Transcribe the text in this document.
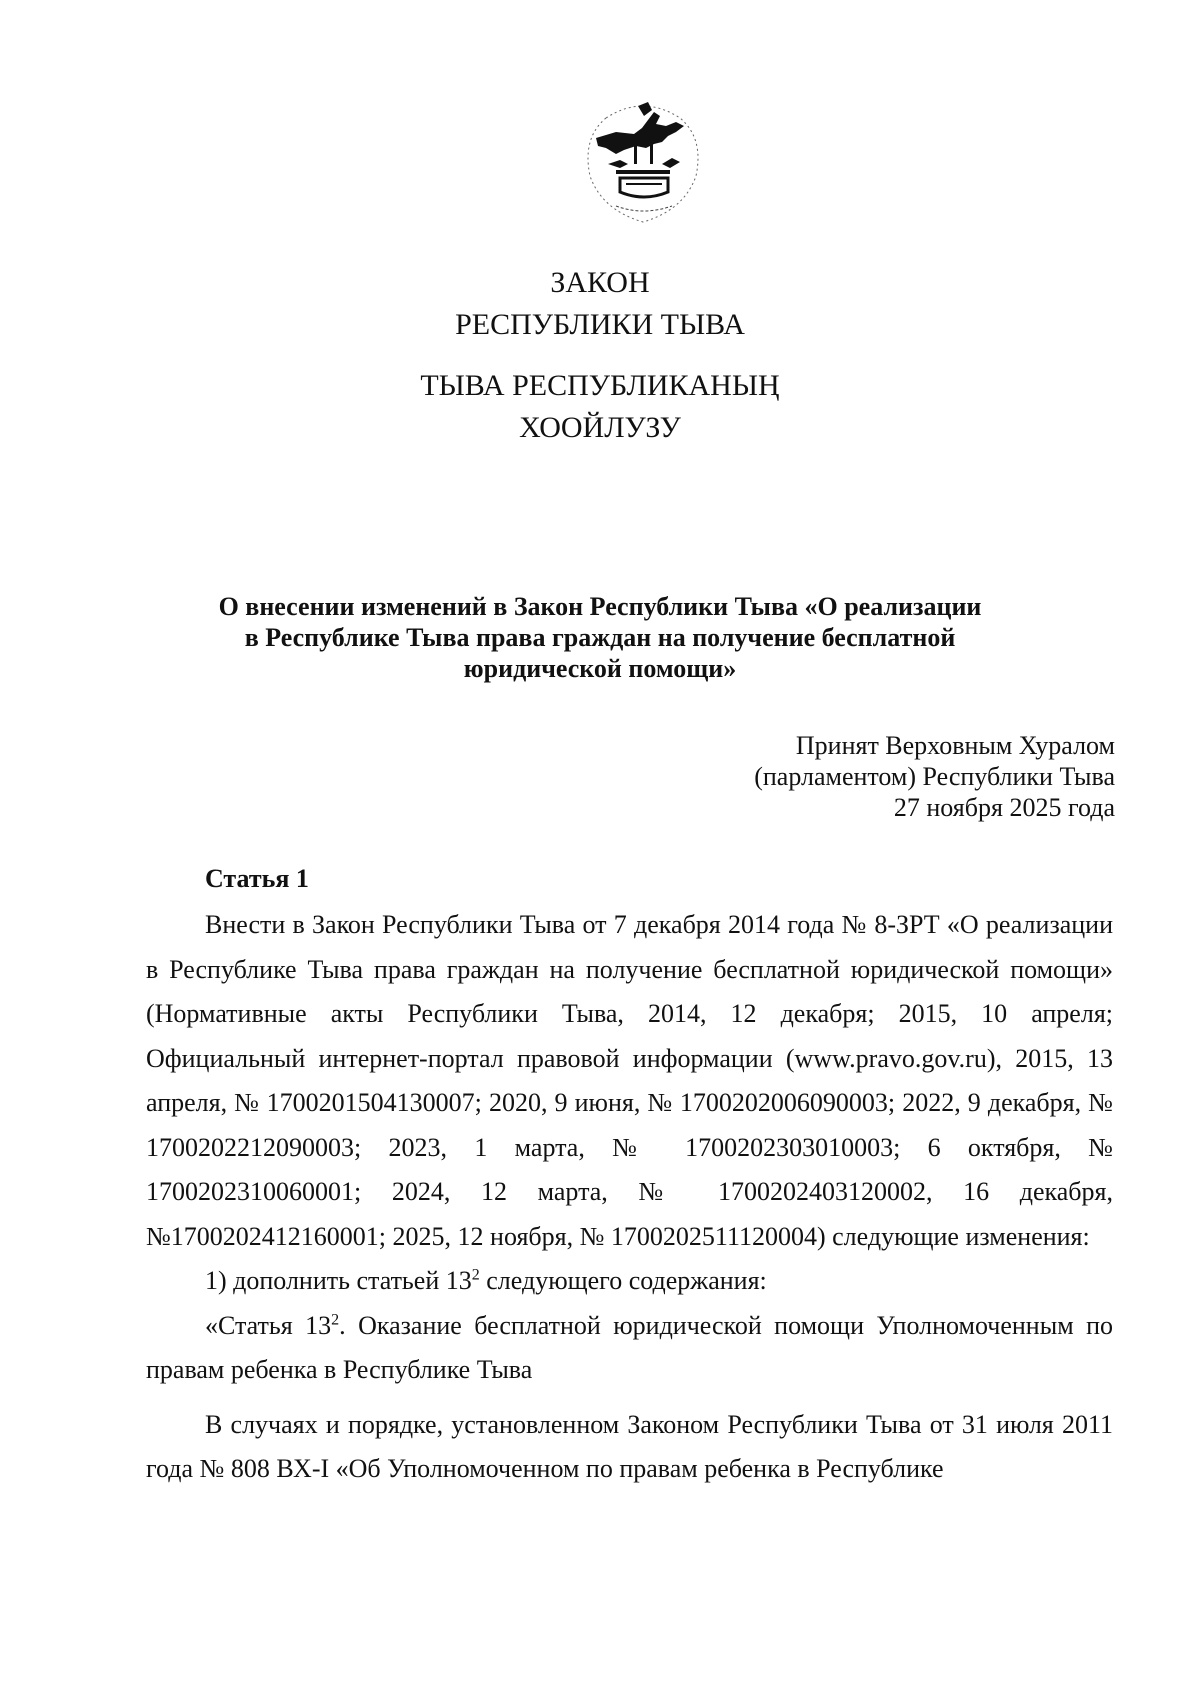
ЗАКОН
РЕСПУБЛИКИ ТЫВА
ТЫВА РЕСПУБЛИКАНЫҢ
ХООЙЛУЗУ
О внесении изменений в Закон Республики Тыва «О реализации
в Республике Тыва права граждан на получение бесплатной
юридической помощи»
Принят Верховным Хуралом
(парламентом) Республики Тыва
27 ноября 2025 года
Статья 1

Внести в Закон Республики Тыва от 7 декабря 2014 года № 8-ЗРТ «О реализации в Республике Тыва права граждан на получение бесплатной юридической помощи» (Нормативные акты Республики Тыва, 2014, 12 декабря; 2015, 10 апреля; Официальный интернет-портал правовой информации (www.pravo.gov.ru), 2015, 13 апреля, № 1700201504130007; 2020, 9 июня, № 1700202006090003; 2022, 9 декабря, № 1700202212090003; 2023, 1 марта, № 1700202303010003; 6 октября, № 1700202310060001; 2024, 12 марта, № 1700202403120002, 16 декабря, №1700202412160001; 2025, 12 ноября, № 1700202511120004) следующие изменения:

1) дополнить статьей $13^2$ следующего содержания:

«Статья $13^2$. Оказание бесплатной юридической помощи Уполномоченным по правам ребенка в Республике Тыва

В случаях и порядке, установленном Законом Республики Тыва от 31 июля 2011 года № 808 ВХ-I «Об Уполномоченном по правам ребенка в Республике
